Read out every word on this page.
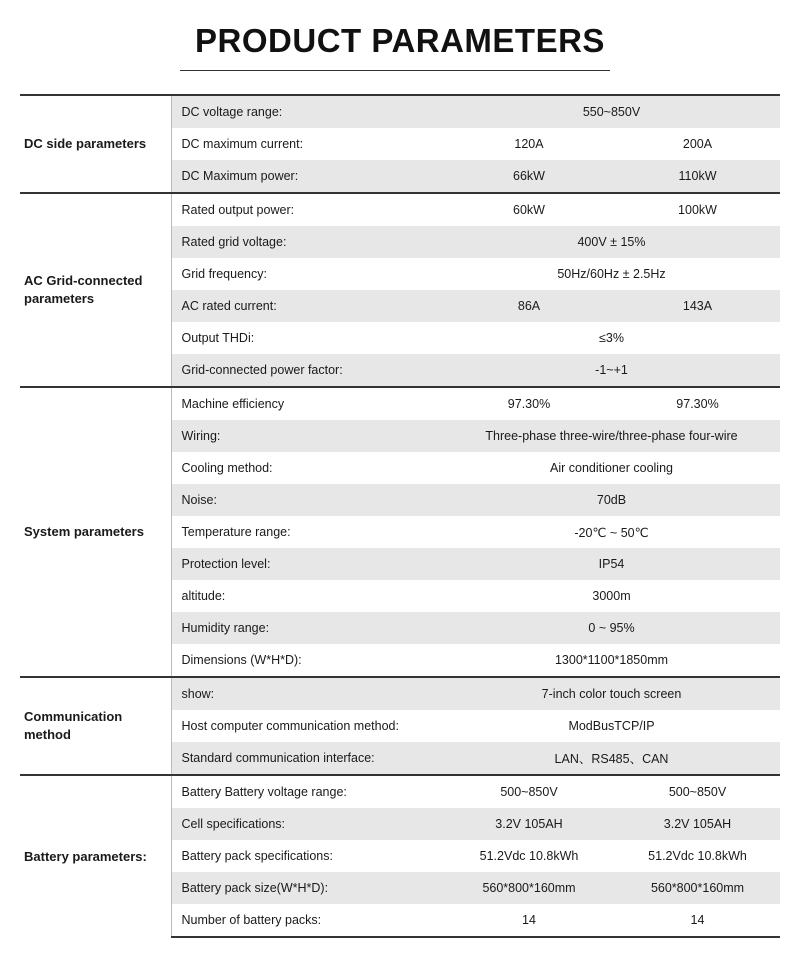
PRODUCT PARAMETERS
DC side parameters	DC voltage range:	550~850V	
	DC maximum current:	120A	200A
	DC Maximum power:	66kW	110kW
AC Grid-connected parameters	Rated output power:	60kW	100kW
	Rated grid voltage:	400V ± 15%	
	Grid frequency:	50Hz/60Hz ± 2.5Hz	
	AC rated current:	86A	143A
	Output THDi:	≤3%	
	Grid-connected power factor:	-1~+1	
System parameters	Machine efficiency	97.30%	97.30%
	Wiring:	Three-phase three-wire/three-phase four-wire	
	Cooling method:	Air conditioner cooling	
	Noise:	70dB	
	Temperature range:	-20℃ ~ 50℃	
	Protection level:	IP54	
	altitude:	3000m	
	Humidity range:	0 ~ 95%	
	Dimensions (W*H*D):	1300*1100*1850mm	
Communication method	show:	7-inch color touch screen	
	Host computer communication method:	ModBusTCP/IP	
	Standard communication interface:	LAN、RS485、CAN	
Battery parameters:	Battery Battery voltage range:	500~850V	500~850V
	Cell specifications:	3.2V 105AH	3.2V 105AH
	Battery pack specifications:	51.2Vdc 10.8kWh	51.2Vdc 10.8kWh
	Battery pack size(W*H*D):	560*800*160mm	560*800*160mm
	Number of battery packs:	14	14
